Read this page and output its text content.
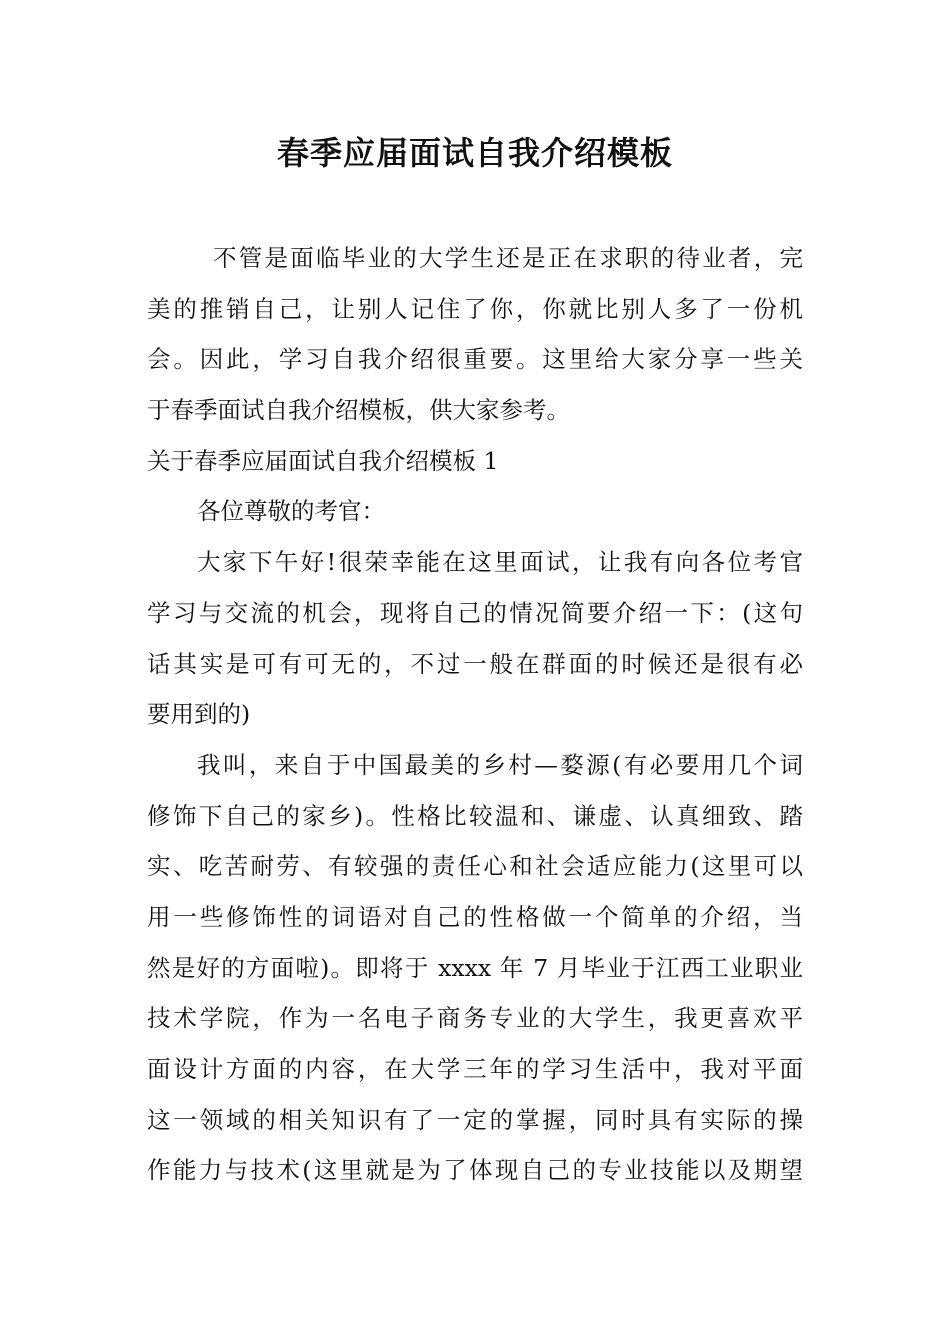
春季应届面试自我介绍模板
不管是面临毕业的大学生还是正在求职的待业者，完
美的推销自己，让别人记住了你，你就比别人多了一份机
会。因此，学习自我介绍很重要。这里给大家分享一些关
于春季面试自我介绍模板，供大家参考。
关于春季应届面试自我介绍模板 1
各位尊敬的考官：
大家下午好!很荣幸能在这里面试，让我有向各位考官
学习与交流的机会，现将自己的情况简要介绍一下：(这句
话其实是可有可无的，不过一般在群面的时候还是很有必
要用到的)
我叫，来自于中国最美的乡村—婺源(有必要用几个词
修饰下自己的家乡)。性格比较温和、谦虚、认真细致、踏
实、吃苦耐劳、有较强的责任心和社会适应能力(这里可以
用一些修饰性的词语对自己的性格做一个简单的介绍，当
然是好的方面啦)。即将于 xxxx 年 7 月毕业于江西工业职业
技术学院，作为一名电子商务专业的大学生，我更喜欢平
面设计方面的内容，在大学三年的学习生活中，我对平面
这一领域的相关知识有了一定的掌握，同时具有实际的操
作能力与技术(这里就是为了体现自己的专业技能以及期望
